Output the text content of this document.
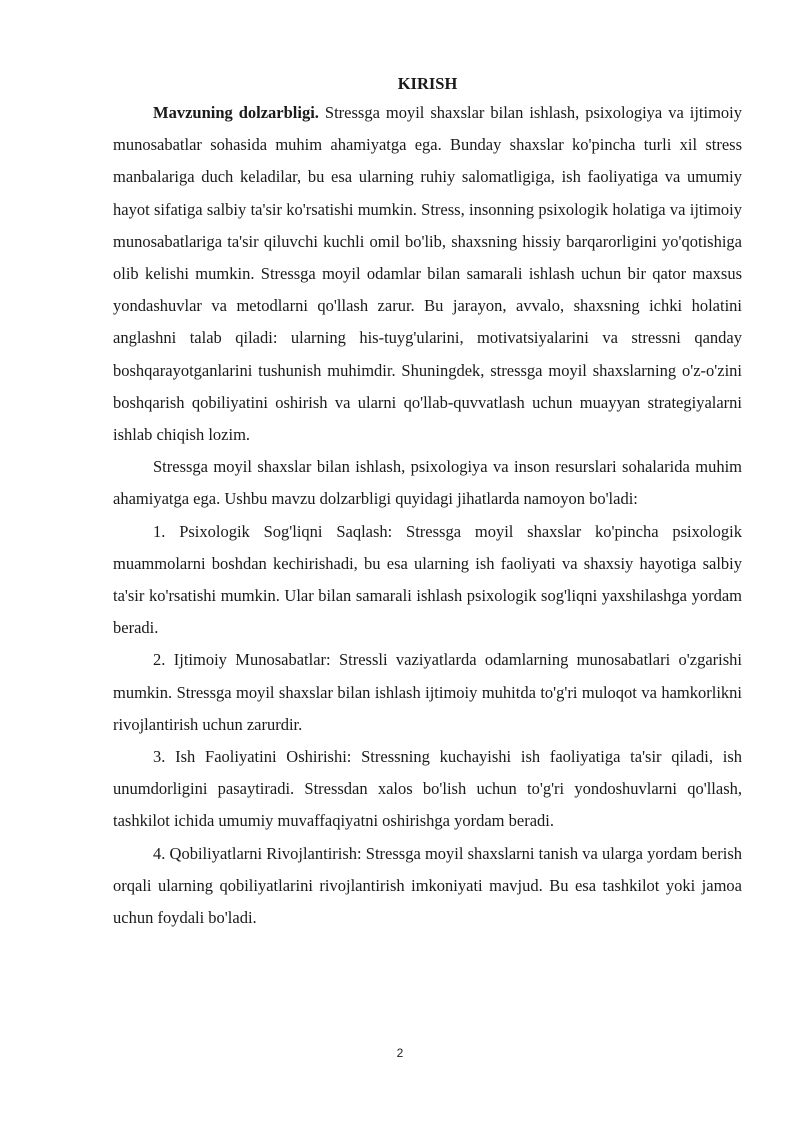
KIRISH

Mavzuning dolzarbligi. Stressga moyil shaxslar bilan ishlash, psixologiya va ijtimoiy munosabatlar sohasida muhim ahamiyatga ega. Bunday shaxslar ko'pincha turli xil stress manbalariga duch keladilar, bu esa ularning ruhiy salomatligiga, ish faoliyatiga va umumiy hayot sifatiga salbiy ta'sir ko'rsatishi mumkin. Stress, insonning psixologik holatiga va ijtimoiy munosabatlariga ta'sir qiluvchi kuchli omil bo'lib, shaxsning hissiy barqarorligini yo'qotishiga olib kelishi mumkin. Stressga moyil odamlar bilan samarali ishlash uchun bir qator maxsus yondashuvlar va metodlarni qo'llash zarur. Bu jarayon, avvalo, shaxsning ichki holatini anglashni talab qiladi: ularning his-tuyg'ularini, motivatsiyalarini va stressni qanday boshqarayotganlarini tushunish muhimdir. Shuningdek, stressga moyil shaxslarning o'z-o'zini boshqarish qobiliyatini oshirish va ularni qo'llab-quvvatlash uchun muayyan strategiyalarni ishlab chiqish lozim.

Stressga moyil shaxslar bilan ishlash, psixologiya va inson resurslari sohalarida muhim ahamiyatga ega. Ushbu mavzu dolzarbligi quyidagi jihatlarda namoyon bo'ladi:

1. Psixologik Sog'liqni Saqlash: Stressga moyil shaxslar ko'pincha psixologik muammolarni boshdan kechirishadi, bu esa ularning ish faoliyati va shaxsiy hayotiga salbiy ta'sir ko'rsatishi mumkin. Ular bilan samarali ishlash psixologik sog'liqni yaxshilashga yordam beradi.

2. Ijtimoiy Munosabatlar: Stressli vaziyatlarda odamlarning munosabatlari o'zgarishi mumkin. Stressga moyil shaxslar bilan ishlash ijtimoiy muhitda to'g'ri muloqot va hamkorlikni rivojlantirish uchun zarurdir.

3. Ish Faoliyatini Oshirishi: Stressning kuchayishi ish faoliyatiga ta'sir qiladi, ish unumdorligini pasaytiradi. Stressdan xalos bo'lish uchun to'g'ri yondoshuvlarni qo'llash, tashkilot ichida umumiy muvaffaqiyatni oshirishga yordam beradi.

4. Qobiliyatlarni Rivojlantirish: Stressga moyil shaxslarni tanish va ularga yordam berish orqali ularning qobiliyatlarini rivojlantirish imkoniyati mavjud. Bu esa tashkilot yoki jamoa uchun foydali bo'ladi.

2
